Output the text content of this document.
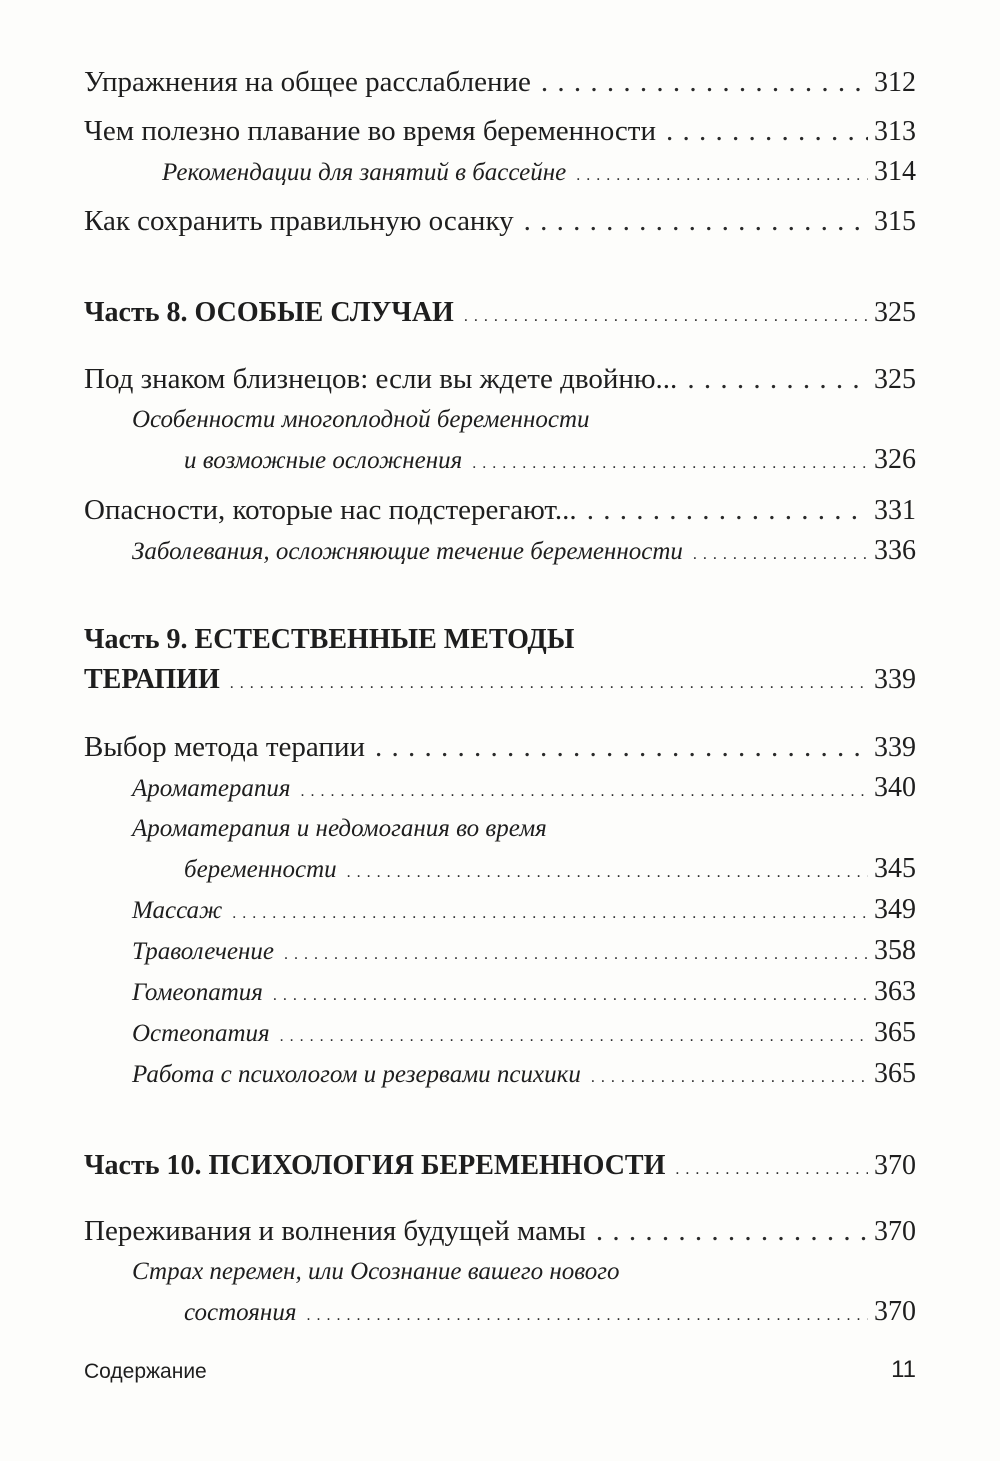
Упражнения на общее расслабление . . .	312
Чем полезно плавание во время беременности . . .	313
Рекомендации для занятий в бассейне . . .	314
Как сохранить правильную осанку . . .	315
Часть 8. ОСОБЫЕ СЛУЧАИ . . .	325
Под знаком близнецов: если вы ждете двойню... . . .	325
Особенности многоплодной беременности
и возможные осложнения . . .	326
Опасности, которые нас подстерегают... . . .	331
Заболевания, осложняющие течение беременности . . .	336
Часть 9. ЕСТЕСТВЕННЫЕ МЕТОДЫ
ТЕРАПИИ . . .	339
Выбор метода терапии . . .	339
Ароматерапия . . .	340
Ароматерапия и недомогания во время
беременности . . .	345
Массаж . . .	349
Траволечение . . .	358
Гомеопатия . . .	363
Остеопатия . . .	365
Работа с психологом и резервами психики . . .	365
Часть 10. ПСИХОЛОГИЯ БЕРЕМЕННОСТИ . . .	370
Переживания и волнения будущей мамы . . .	370
Страх перемен, или Осознание вашего нового
состояния . . .	370
Содержание	11
